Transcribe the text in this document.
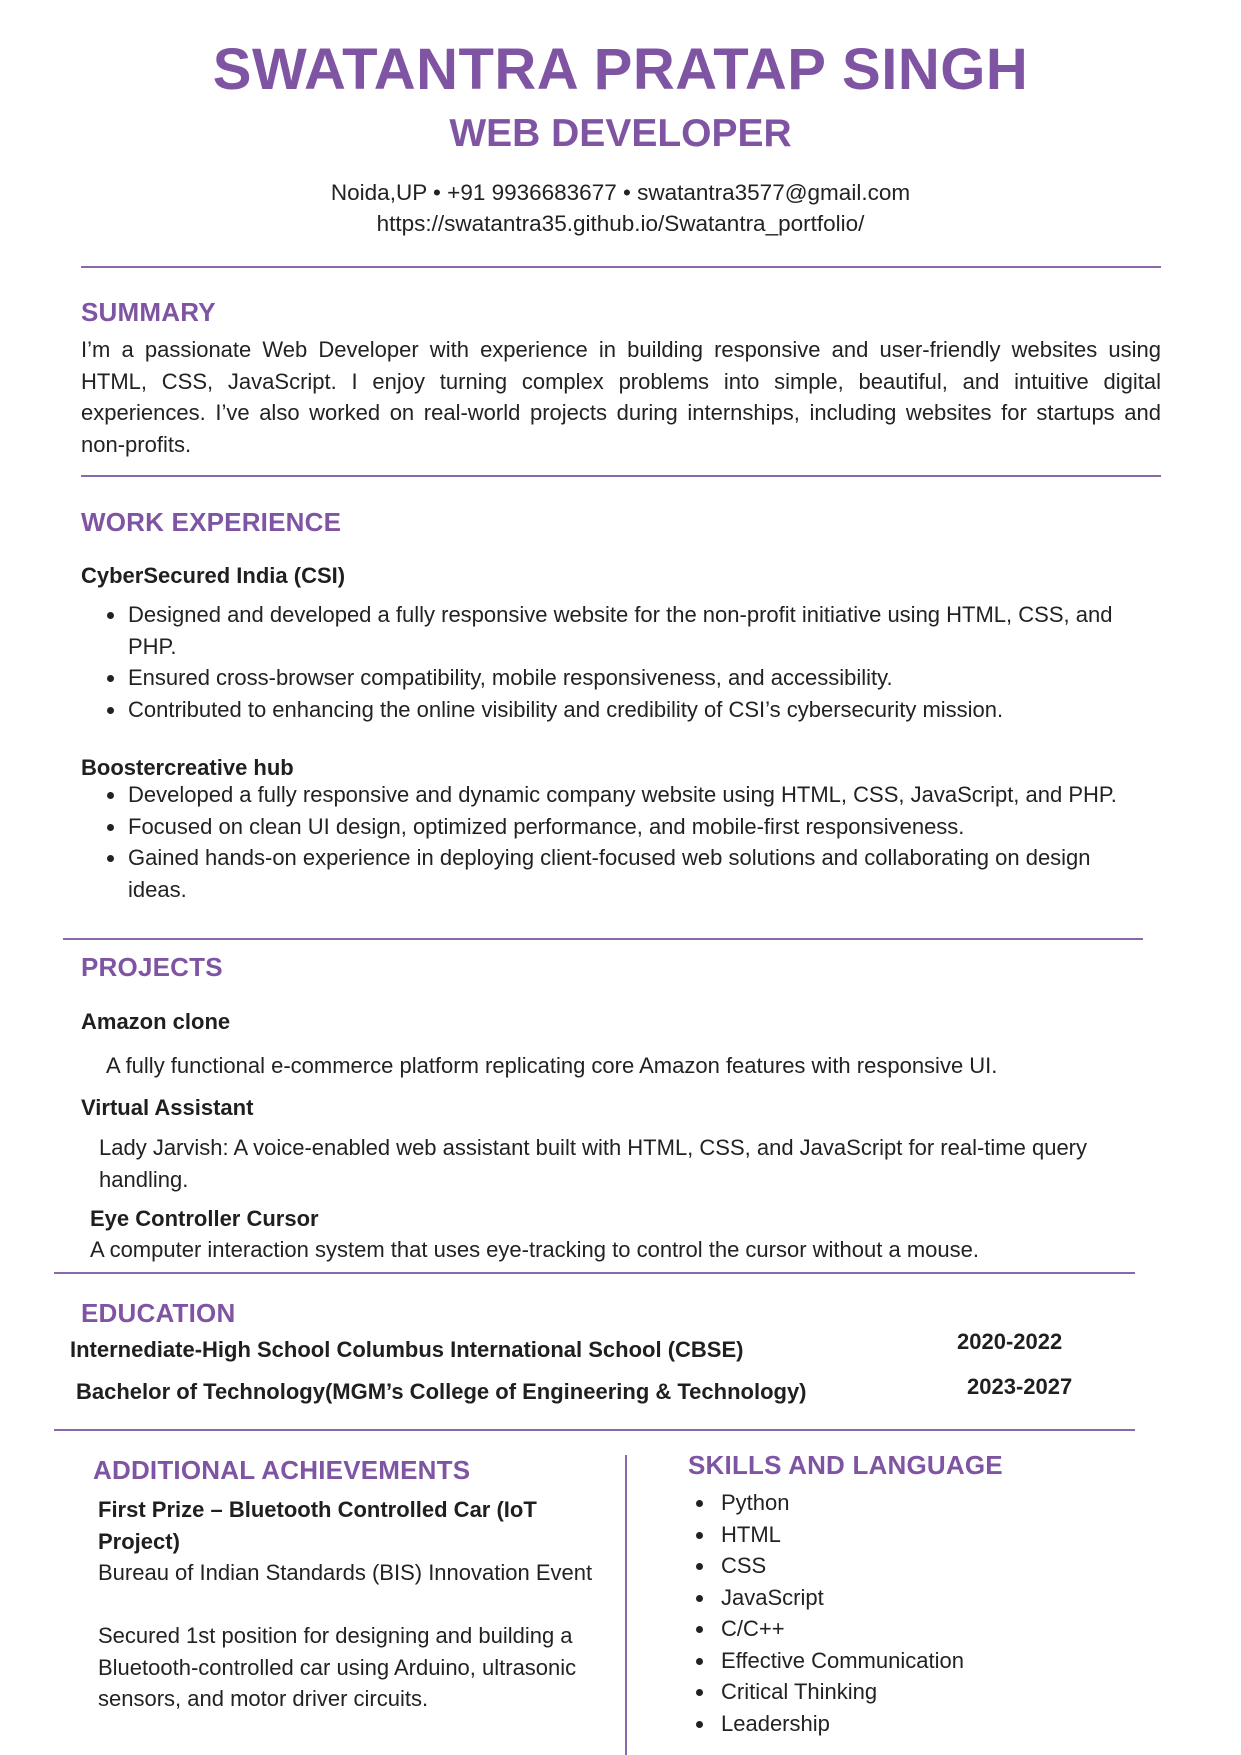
SWATANTRA PRATAP SINGH
WEB DEVELOPER
Noida,UP • +91 9936683677 • swatantra3577@gmail.com
https://swatantra35.github.io/Swatantra_portfolio/
SUMMARY
I’m a passionate Web Developer with experience in building responsive and user-friendly websites using HTML, CSS, JavaScript. I enjoy turning complex problems into simple, beautiful, and intuitive digital experiences. I’ve also worked on real-world projects during internships, including websites for startups and non-profits.
WORK EXPERIENCE
CyberSecured India (CSI)
Designed and developed a fully responsive website for the non-profit initiative using HTML, CSS, and PHP.
Ensured cross-browser compatibility, mobile responsiveness, and accessibility.
Contributed to enhancing the online visibility and credibility of CSI’s cybersecurity mission.
Boostercreative hub
Developed a fully responsive and dynamic company website using HTML, CSS, JavaScript, and PHP.
Focused on clean UI design, optimized performance, and mobile-first responsiveness.
Gained hands-on experience in deploying client-focused web solutions and collaborating on design ideas.
PROJECTS
Amazon clone
A fully functional e-commerce platform replicating core Amazon features with responsive UI.
Virtual Assistant
Lady Jarvish: A voice-enabled web assistant built with HTML, CSS, and JavaScript for real-time query handling.
Eye Controller Cursor
A computer interaction system that uses eye-tracking to control the cursor without a mouse.
EDUCATION
Internediate-High School Columbus International School (CBSE)	2020-2022
Bachelor of Technology(MGM’s College of Engineering & Technology)	2023-2027
ADDITIONAL ACHIEVEMENTS
First Prize – Bluetooth Controlled Car (IoT Project)
Bureau of Indian Standards (BIS) Innovation Event
Secured 1st position for designing and building a Bluetooth-controlled car using Arduino, ultrasonic sensors, and motor driver circuits.
SKILLS AND LANGUAGE
Python
HTML
CSS
JavaScript
C/C++
Effective Communication
Critical Thinking
Leadership
